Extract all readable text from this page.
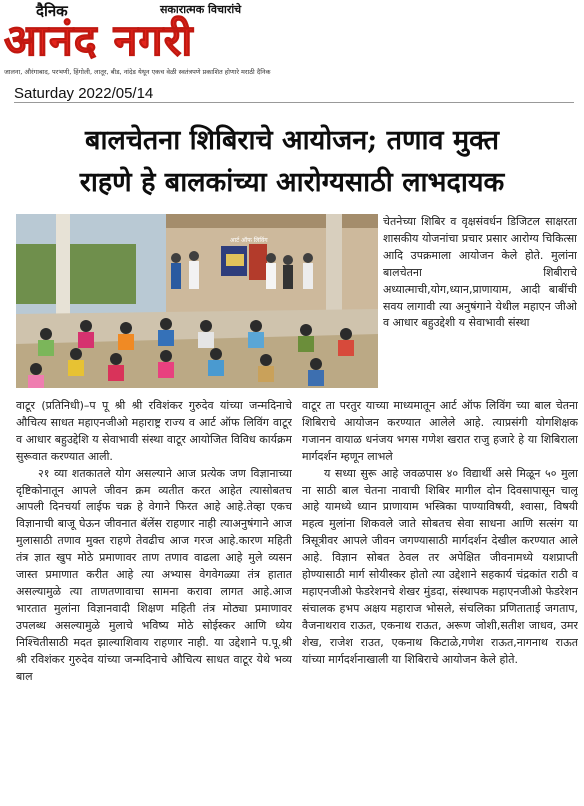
दैनिक	सकारात्मक विचारांचे
आनंद नगरी
जालना, औरंगाबाद, परभणी, हिंगोली, लातूर, बीड, नांदेड येथून एकच वेळी स्वतंत्रपणे प्रकाशित होणारे मराठी दैनिक
Saturday 2022/05/14
बालचेतना शिबिराचे आयोजन; तणाव मुक्त
राहणे हे बालकांच्या आरोग्यसाठी लाभदायक
आर्ट ऑफ लिविंग

चेतनेच्या शिबिर व वृक्षसंवर्धन डिजिटल साक्षरता शासकीय योजनांचा प्रचार प्रसार आरोग्य चिकित्सा आदि उपक्रमाला आयोजन केले होते. मुलांना बालचेतना शिबीराचे अध्यात्माची,योग,ध्यान,प्राणायाम, आदी बाबींची सवय लागावी त्या अनुषंगाने येथील महाएन जीओ व आधार बहुउद्देशी य सेवाभावी संस्था

वाटूर (प्रतिनिधी)–प पू श्री श्री रविशंकर गुरुदेव यांच्या जन्मदिनाचे औचित्य साधत महाएनजीओ महाराष्ट्र राज्य व आर्ट ऑफ लिविंग वाटूर व आधार बहुउद्देशि य सेवाभावी संस्था वाटूर आयोजित विविध कार्यक्रम सुरूवात करण्यात आली.

२१ व्या शतकातले योग असल्याने आज प्रत्येक जण विज्ञानाच्या दृष्टिकोनातून आपले जीवन क्रम व्यतीत करत आहेत त्यासोबतच आपली दिनचर्या लाईफ चक्र हे वेगाने फिरत आहे आहे.तेव्हा एकच विज्ञानाची बाजू घेऊन जीवनात बॅलेंस राहणार नाही त्याअनुषंगाने आज मुलासाठी तणाव मुक्त राहणे तेवढीच आज गरज आहे.कारण महिती तंत्र ज्ञात खुप मोठे प्रमाणावर ताण तणाव वाढला आहे मुले व्यसन जास्त प्रमाणात करीत आहे त्या अभ्यास वेगवेगळ्या तंत्र हातात असल्यामुळे त्या ताणतणावाचा सामना करावा लागत आहे.आज भारतात मुलांना विज्ञानवादी शिक्षण महिती तंत्र मोठ्या प्रमाणावर उपलब्ध असल्यामुळे मुलाचे भविष्य मोठे सोईस्कर आणि ध्येय निश्चितीसाठी मदत झाल्याशिवाय राहणार नाही. या उद्देशाने प.पू.श्री श्री रविशंकर गुरुदेव यांच्या जन्मदिनाचे औचित्य साधत वाटूर येथे भव्य बाल

वाटूर ता परतुर याच्या माध्यमातून आर्ट ऑफ लिविंग च्या बाल चेतना शिबिराचे आयोजन करण्यात आलेले आहे. त्याप्रसंगी योगशिक्षक गजानन वायाळ धनंजय भगस गणेश खरात राजु हजारे हे या शिबिराला मार्गदर्शन म्हणून लाभले

य सध्या सुरू आहे जवळपास ४० विद्यार्थी असे मिळून ५० मुला ना साठी बाल चेतना नावाची शिबिर मागील दोन दिवसापासून चालू आहे यामध्ये ध्यान प्राणायाम भस्त्रिका पाण्याविषयी, श्वासा, विषयी महत्व मुलांना शिकवले जाते सोबतच सेवा साधना आणि सत्संग या त्रिसूत्रीवर आपले जीवन जगण्यासाठी मार्गदर्शन देखील करण्यात आले आहे. विज्ञान सोबत ठेवल तर अपेक्षित जीवनामध्ये यशप्राप्ती होण्यासाठी मार्ग सोयीस्कर होतो त्या उद्देशाने सहकार्य चंद्रकांत राठी व महाएनजीओ फेडरेशनचे शेखर मुंडदा, संस्थापक महाएनजीओ फेडरेशन संचालक हभप अक्षय महाराज भोसले, संचलिका प्रणिताताई जगताप, वैजनाथराव राऊत, एकनाथ राऊत, अरूण जोशी,सतीश जाधव, उमर शेख, राजेश राउत, एकनाथ किटाळे,गणेश राऊत,नागनाथ राऊत यांच्या मार्गदर्शनाखाली या शिबिराचे आयोजन केले होते.
